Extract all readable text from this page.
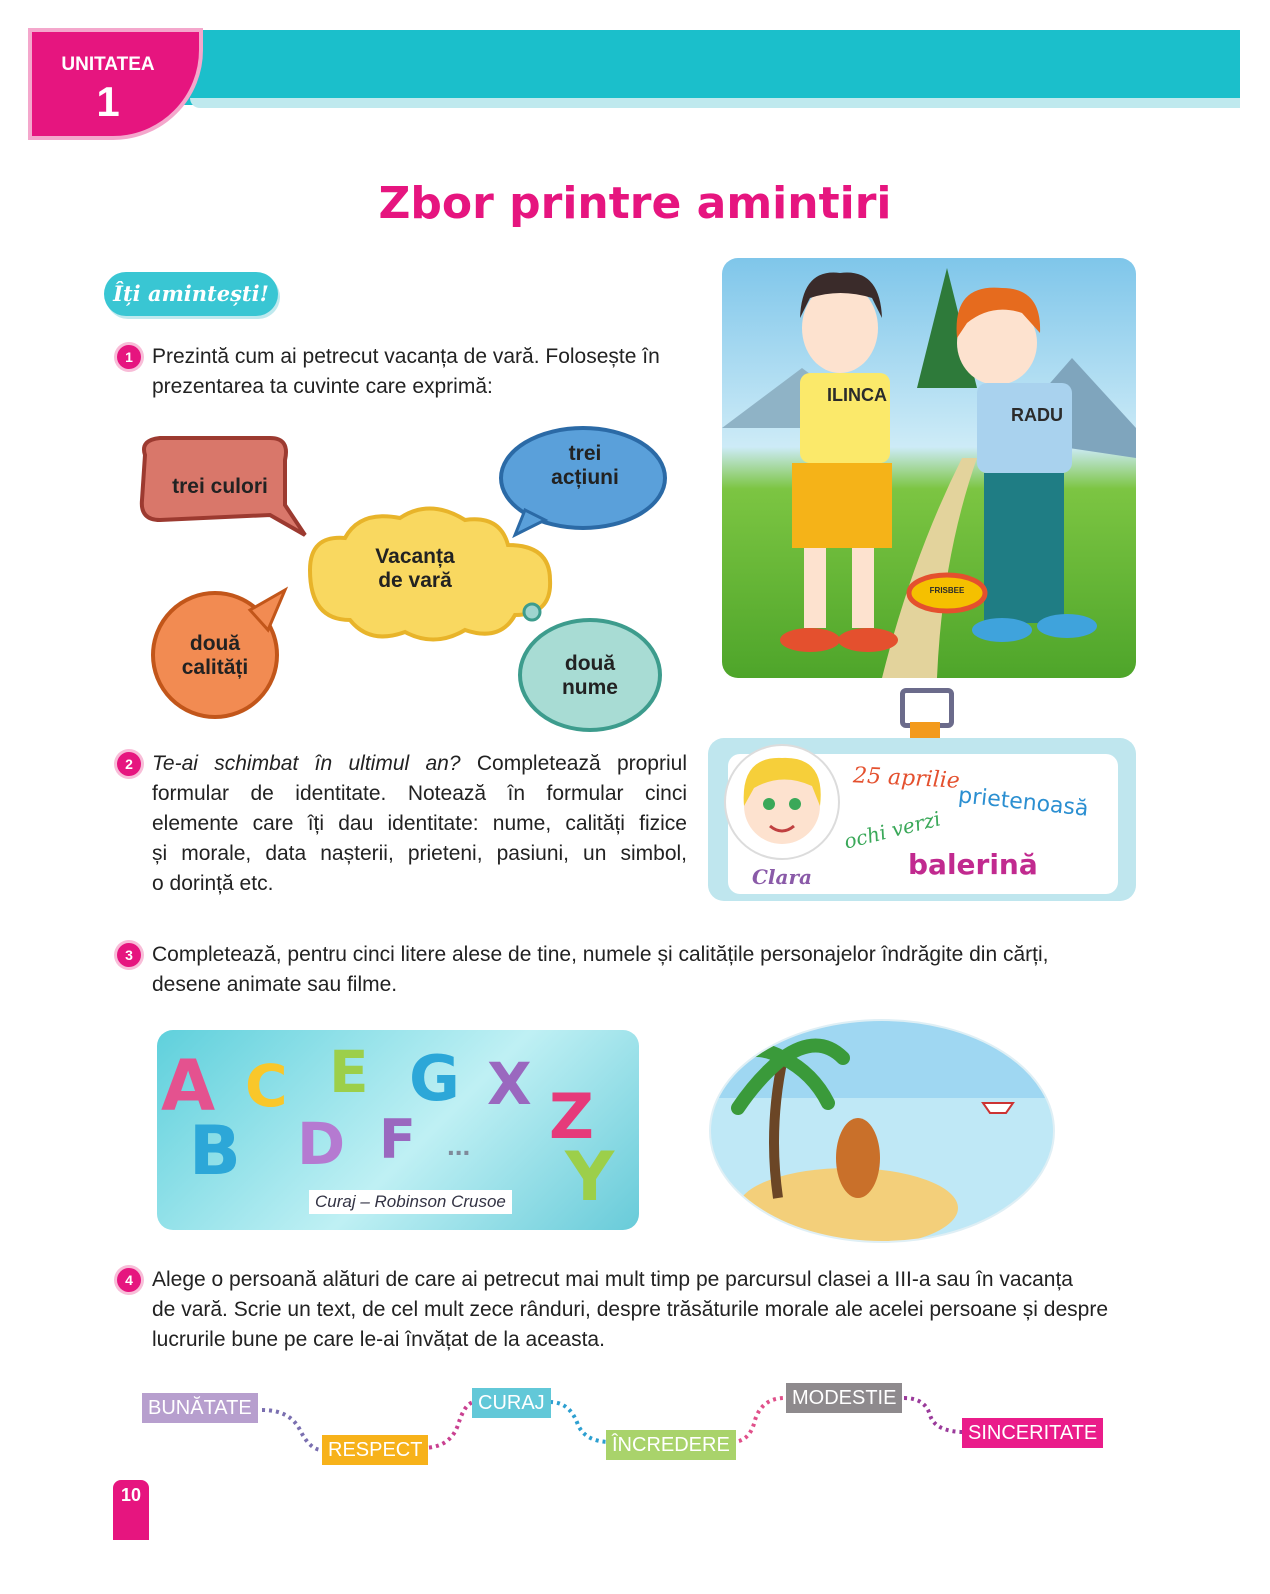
UNITATEA
1
Zbor printre amintiri
Îți amintești!
1 Prezintă cum ai petrecut vacanța de vară. Folosește în
prezentarea ta cuvinte care exprimă:
trei culori
trei
acțiuni
Vacanța
de vară
două
calități	două
nume
ILINCA
RADU
FRISBEE
Clara
25 aprilie
prietenoasă
ochi verzi
balerină
2 Te-ai schimbat în ultimul an? Completează propriul
formular de identitate. Notează în formular cinci
elemente care îți dau identitate: nume, calități fizice
și morale, data nașterii, prieteni, pasiuni, un simbol,
o dorință etc.
3 Completează, pentru cinci litere alese de tine, numele și calitățile personajelor îndrăgite din cărți,
desene animate sau filme.
A C E G X Z
B D F ... Y
Curaj – Robinson Crusoe
4 Alege o persoană alături de care ai petrecut mai mult timp pe parcursul clasei a III-a sau în vacanța
de vară. Scrie un text, de cel mult zece rânduri, despre trăsăturile morale ale acelei persoane și despre
lucrurile bune pe care le-ai învățat de la aceasta.
BUNĂTATE
RESPECT
CURAJ
ÎNCREDERE
MODESTIE
SINCERITATE
10
